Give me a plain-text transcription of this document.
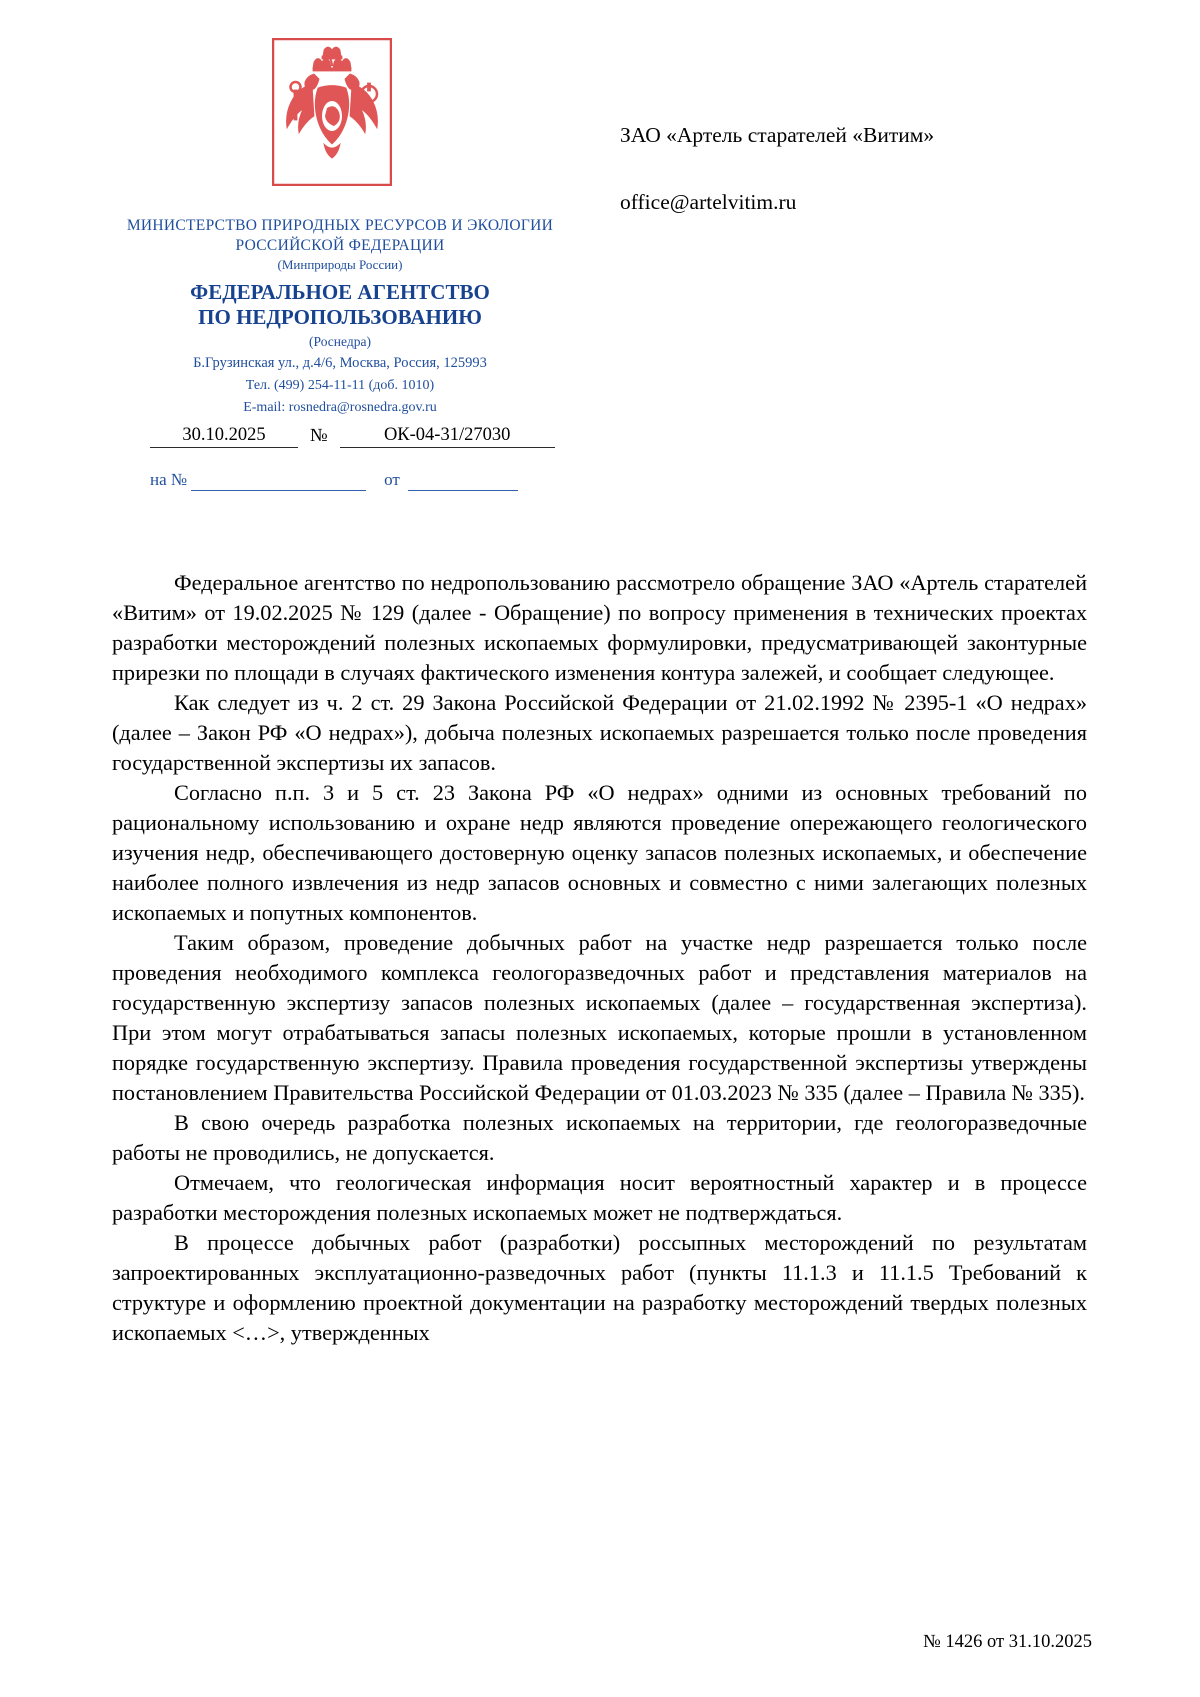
МИНИСТЕРСТВО ПРИРОДНЫХ РЕСУРСОВ И ЭКОЛОГИИ
РОССИЙСКОЙ ФЕДЕРАЦИИ
(Минприроды России)
ФЕДЕРАЛЬНОЕ АГЕНТСТВО
ПО НЕДРОПОЛЬЗОВАНИЮ
(Роснедра)
Б.Грузинская ул., д.4/6, Москва, Россия, 125993
Тел. (499) 254-11-11 (доб. 1010)
E-mail: rosnedra@rosnedra.gov.ru
ЗАО «Артель старателей «Витим»
office@artelvitim.ru
30.10.2025	№	ОК-04-31/27030
на №	от

Федеральное агентство по недропользованию рассмотрело обращение ЗАО «Артель старателей «Витим» от 19.02.2025 № 129 (далее - Обращение) по вопросу применения в технических проектах разработки месторождений полезных ископаемых формулировки, предусматривающей законтурные прирезки по площади в случаях фактического изменения контура залежей, и сообщает следующее.

Как следует из ч. 2 ст. 29 Закона Российской Федерации от 21.02.1992 № 2395-1 «О недрах» (далее – Закон РФ «О недрах»), добыча полезных ископаемых разрешается только после проведения государственной экспертизы их запасов.

Согласно п.п. 3 и 5 ст. 23 Закона РФ «О недрах» одними из основных требований по рациональному использованию и охране недр являются проведение опережающего геологического изучения недр, обеспечивающего достоверную оценку запасов полезных ископаемых, и обеспечение наиболее полного извлечения из недр запасов основных и совместно с ними залегающих полезных ископаемых и попутных компонентов.

Таким образом, проведение добычных работ на участке недр разрешается только после проведения необходимого комплекса геологоразведочных работ и представления материалов на государственную экспертизу запасов полезных ископаемых (далее – государственная экспертиза). При этом могут отрабатываться запасы полезных ископаемых, которые прошли в установленном порядке государственную экспертизу. Правила проведения государственной экспертизы утверждены постановлением Правительства Российской Федерации от 01.03.2023 № 335 (далее – Правила № 335).

В свою очередь разработка полезных ископаемых на территории, где геологоразведочные работы не проводились, не допускается.

Отмечаем, что геологическая информация носит вероятностный характер и в процессе разработки месторождения полезных ископаемых может не подтверждаться.

В процессе добычных работ (разработки) россыпных месторождений по результатам запроектированных эксплуатационно-разведочных работ (пункты 11.1.3 и 11.1.5 Требований к структуре и оформлению проектной документации на разработку месторождений твердых полезных ископаемых <…>, утвержденных

№ 1426 от 31.10.2025
